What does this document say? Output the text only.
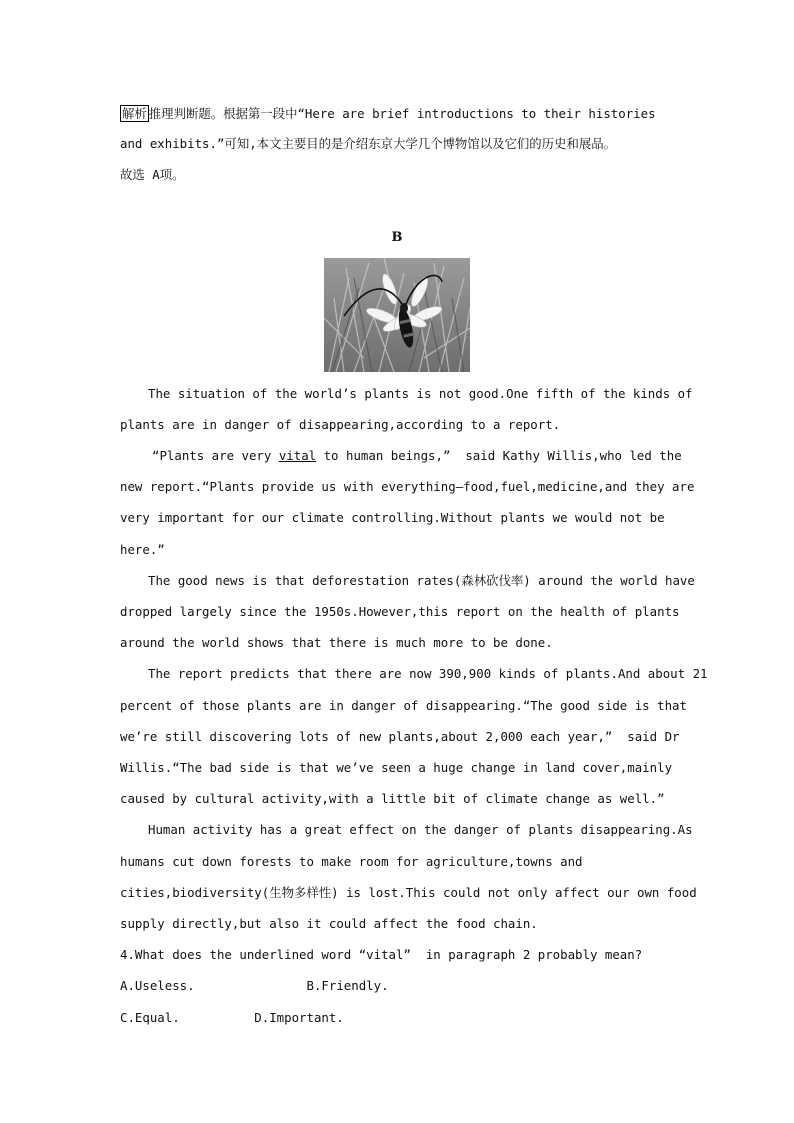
解析 推理判断题。根据第一段中“Here are brief introductions to their histories
and exhibits.”可知,本文主要目的是介绍东京大学几个博物馆以及它们的历史和展品。
故选 A项。
B
The situation of the world’s plants is not good.One fifth of the kinds of
plants are in danger of disappearing,according to a report.
“Plants are very vital to human beings,”  said Kathy Willis,who led the
new report.“Plants provide us with everything—food,fuel,medicine,and they are
very important for our climate controlling.Without plants we would not be
here.”
The good news is that deforestation rates(森林砍伐率) around the world have
dropped largely since the 1950s.However,this report on the health of plants
around the world shows that there is much more to be done.
The report predicts that there are now 390,900 kinds of plants.And about 21
percent of those plants are in danger of disappearing.“The good side is that
we’re still discovering lots of new plants,about 2,000 each year,”  said Dr
Willis.“The bad side is that we’ve seen a huge change in land cover,mainly
caused by cultural activity,with a little bit of climate change as well.”
Human activity has a great effect on the danger of plants disappearing.As
humans cut down forests to make room for agriculture,towns and
cities,biodiversity(生物多样性) is lost.This could not only affect our own food
supply directly,but also it could affect the food chain.
4.What does the underlined word “vital”  in paragraph 2 probably mean?
A.Useless.               B.Friendly.
C.Equal.          D.Important.
